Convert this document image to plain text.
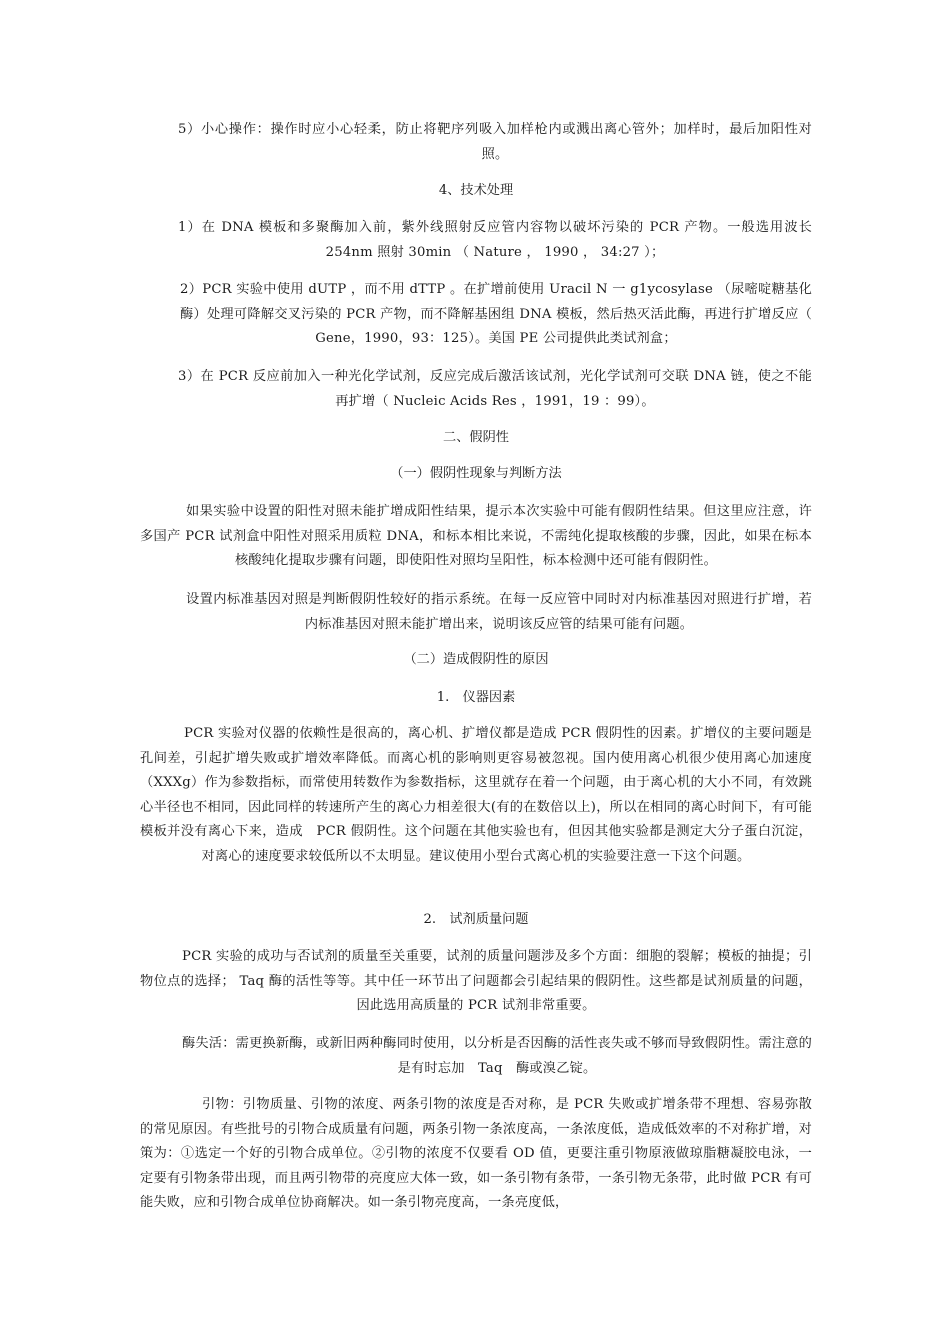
5）小心操作：操作时应小心轻柔，防止将靶序列吸入加样枪内或溅出离心管外；加样时，最后加阳性对照。

4、技术处理

1）在 DNA 模板和多聚酶加入前，紫外线照射反应管内容物以破坏污染的 PCR 产物。一般选用波长 254nm 照射 30min （ Nature ， 1990 ， 34:27 ）；

2）PCR 实验中使用 dUTP ，而不用 dTTP 。在扩增前使用 Uracil N 一 g1ycosylase （尿嘧啶糖基化酶）处理可降解交叉污染的 PCR 产物，而不降解基困组 DNA 模板，然后热灭活此酶，再进行扩增反应（ Gene，1990，93：125）。美国 PE 公司提供此类试剂盒；

3）在 PCR 反应前加入一种光化学试剂，反应完成后激活该试剂，光化学试剂可交联 DNA 链，使之不能再扩增（ Nucleic Acids Res ，1991，19 ：99）。

二、假阴性

（一）假阴性现象与判断方法

如果实验中设置的阳性对照未能扩增成阳性结果，提示本次实验中可能有假阴性结果。但这里应注意，许多国产 PCR 试剂盒中阳性对照采用质粒 DNA，和标本相比来说，不需纯化提取核酸的步骤，因此，如果在标本核酸纯化提取步骤有问题，即使阳性对照均呈阳性，标本检测中还可能有假阴性。

设置内标准基因对照是判断假阴性较好的指示系统。在每一反应管中同时对内标准基因对照进行扩增，若内标准基因对照未能扩增出来，说明该反应管的结果可能有问题。

（二）造成假阴性的原因

1.　仪器因素

PCR 实验对仪器的依赖性是很高的，离心机、扩增仪都是造成 PCR 假阴性的因素。扩增仪的主要问题是孔间差，引起扩增失败或扩增效率降低。而离心机的影响则更容易被忽视。国内使用离心机很少使用离心加速度（XXXg）作为参数指标，而常使用转数作为参数指标，这里就存在着一个问题，由于离心机的大小不同，有效跳心半径也不相同，因此同样的转速所产生的离心力相差很大(有的在数倍以上)，所以在相同的离心时间下，有可能模板并没有离心下来，造成　PCR 假阴性。这个问题在其他实验也有，但因其他实验都是测定大分子蛋白沉淀，对离心的速度要求较低所以不太明显。建议使用小型台式离心机的实验要注意一下这个问题。

2.　试剂质量问题

PCR 实验的成功与否试剂的质量至关重要，试剂的质量问题涉及多个方面：细胞的裂解；模板的抽提；引物位点的选择； Taq 酶的活性等等。其中任一环节出了问题都会引起结果的假阴性。这些都是试剂质量的问题，因此选用高质量的 PCR 试剂非常重要。

酶失活：需更换新酶，或新旧两种酶同时使用，以分析是否因酶的活性丧失或不够而导致假阴性。需注意的是有时忘加　Taq　酶或溴乙锭。

引物：引物质量、引物的浓度、两条引物的浓度是否对称，是 PCR 失败或扩增条带不理想、容易弥散的常见原因。有些批号的引物合成质量有问题，两条引物一条浓度高，一条浓度低，造成低效率的不对称扩增，对策为：①选定一个好的引物合成单位。②引物的浓度不仅要看 OD 值，更要注重引物原液做琼脂糖凝胶电泳，一定要有引物条带出现，而且两引物带的亮度应大体一致，如一条引物有条带，一条引物无条带，此时做 PCR 有可能失败，应和引物合成单位协商解决。如一条引物亮度高，一条亮度低，
